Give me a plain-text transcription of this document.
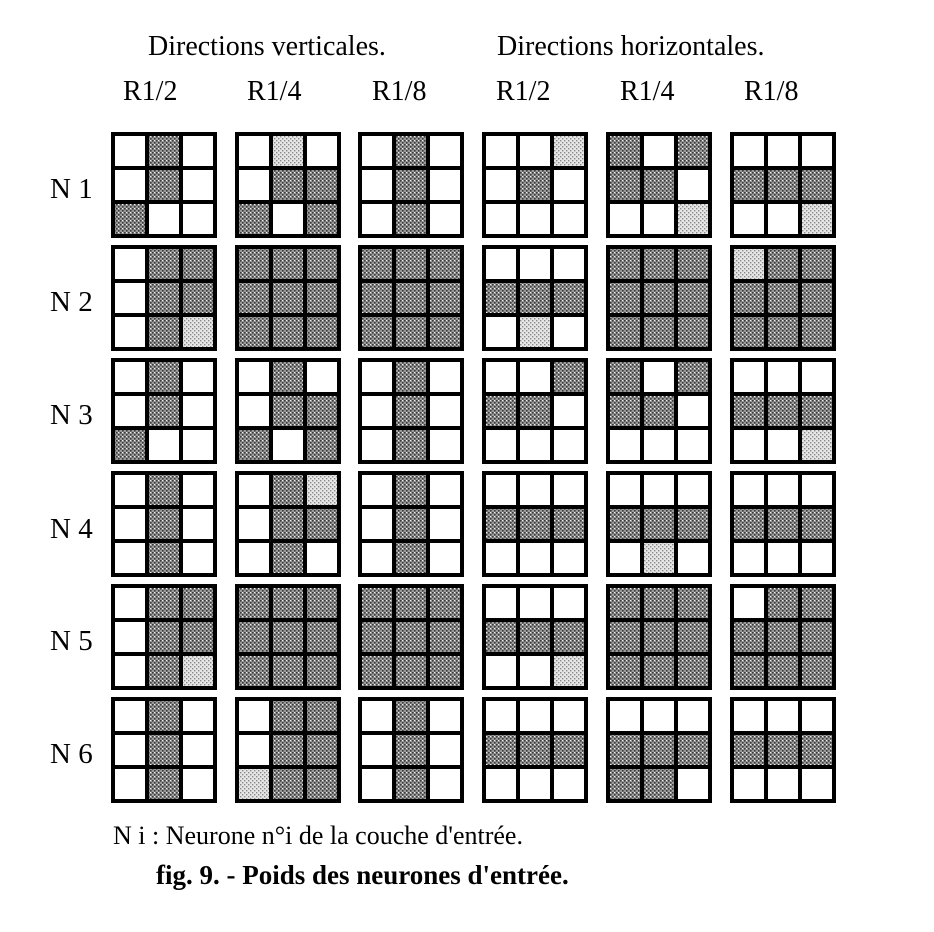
Directions verticales.	Directions horizontales.
R1/2 R1/4	R1/8 R1/2 R1/4 R1/8
N 1
N 2
N 3
N 4
N 5
N 6
N i : Neurone n°i de la couche d'entrée.
fig. 9. - Poids des neurones d'entrée.
